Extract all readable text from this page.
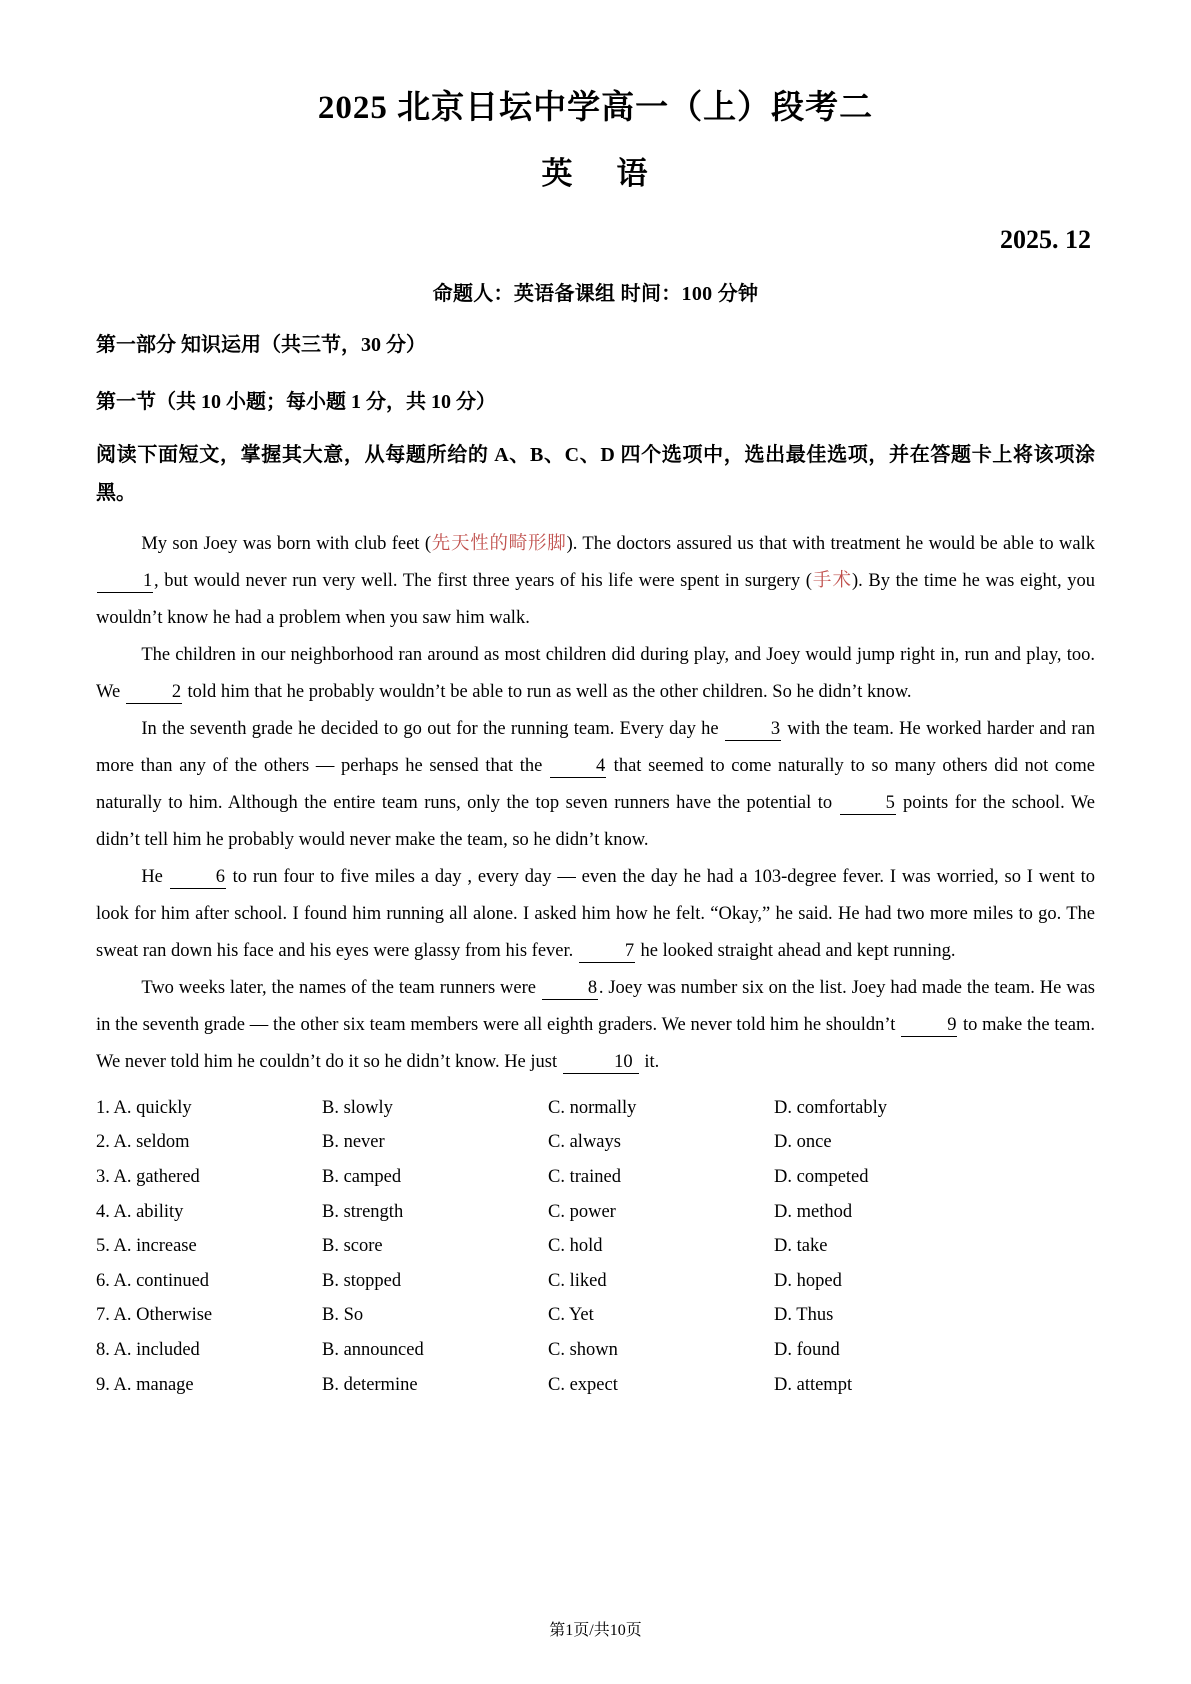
2025 北京日坛中学高一（上）段考二
英 语
2025. 12
命题人：英语备课组 时间：100 分钟
第一部分 知识运用（共三节，30 分）
第一节（共 10 小题；每小题 1 分，共 10 分）
阅读下面短文，掌握其大意，从每题所给的 A、B、C、D 四个选项中，选出最佳选项，并在答题卡上将该项涂黑。

My son Joey was born with club feet (先天性的畸形脚). The doctors assured us that with treatment he would be able to walk 1, but would never run very well. The first three years of his life were spent in surgery (手术). By the time he was eight, you wouldn’t know he had a problem when you saw him walk.

The children in our neighborhood ran around as most children did during play, and Joey would jump right in, run and play, too. We	2 told him that he probably wouldn’t be able to run as well as the other children. So he didn’t know.

In the seventh grade he decided to go out for the running team. Every day he	3 with the team. He worked harder and ran more than any of the others — perhaps he sensed that the	4 that seemed to come naturally to so many others did not come naturally to him. Although the entire team runs, only the top seven runners have the potential to	5 points for the school. We didn’t tell him he probably would never make the team, so he didn’t know.

He	6 to run four to five miles a day , every day — even the day he had a 103-degree fever. I was worried, so I went to look for him after school. I found him running all alone. I asked him how he felt. “Okay,” he said. He had two more miles to go. The sweat ran down his face and his eyes were glassy from his fever.	7 he looked straight ahead and kept running.

Two weeks later, the names of the team runners were	8. Joey was number six on the list. Joey had made the team. He was in the seventh grade — the other six team members were all eighth graders. We never told him he shouldn’t	9 to make the team. We never told him he couldn’t do it so he didn’t know. He just	10 it.

1. A. quickly	B. slowly	C. normally	D. comfortably
2. A. seldom	B. never	C. always	D. once
3. A. gathered	B. camped	C. trained	D. competed
4. A. ability	B. strength	C. power	D. method
5. A. increase	B. score	C. hold	D. take
6. A. continued	B. stopped	C. liked	D. hoped
7. A. Otherwise	B. So	C. Yet	D. Thus
8. A. included	B. announced	C. shown	D. found
9. A. manage	B. determine	C. expect	D. attempt
第1页/共10页
